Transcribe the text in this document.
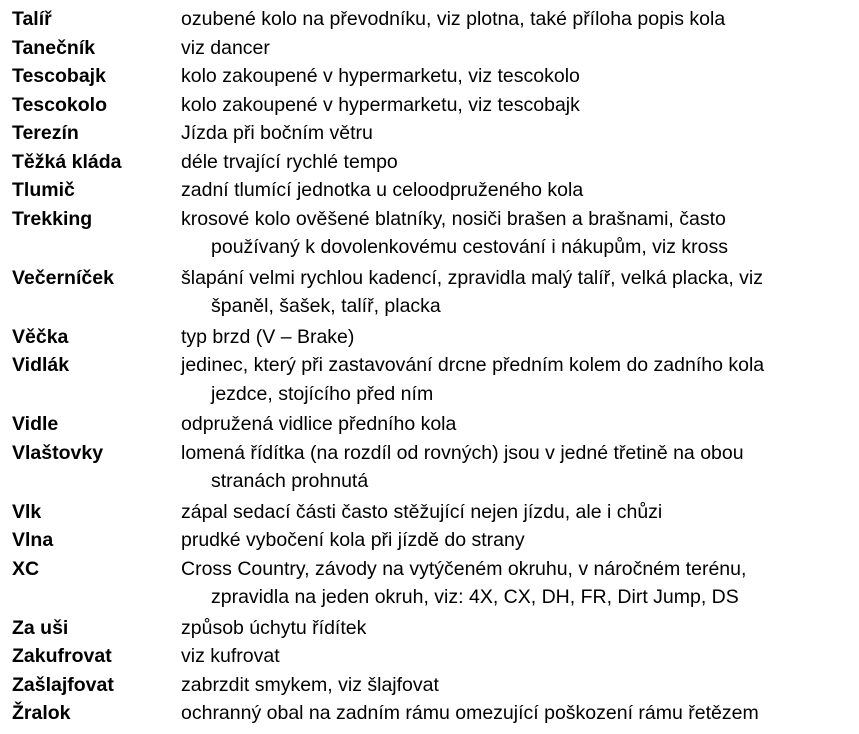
Talíř	ozubené kolo na převodníku, viz plotna, také příloha popis kola
Tanečník	viz dancer
Tescobajk	kolo zakoupené v hypermarketu, viz tescokolo
Tescokolo	kolo zakoupené v hypermarketu, viz tescobajk
Terezín	Jízda při bočním větru
Těžká kláda	déle trvající rychlé tempo
Tlumič	zadní tlumící jednotka u celoodpruženého kola
Trekking	krosové kolo ověšené blatníky, nosiči brašen a brašnami, často
používaný k dovolenkovému cestování i nákupům, viz kross
Večerníček	šlapání velmi rychlou kadencí, zpravidla malý talíř, velká placka, viz
španěl, šašek, talíř, placka
Věčka	typ brzd (V – Brake)
Vidlák	jedinec, který při zastavování drcne předním kolem do zadního kola
jezdce, stojícího před ním
Vidle	odpružená vidlice předního kola
Vlaštovky	lomená řídítka (na rozdíl od rovných) jsou v jedné třetině na obou
stranách prohnutá
Vlk	zápal sedací části často stěžující nejen jízdu, ale i chůzi
Vlna	prudké vybočení kola při jízdě do strany
XC	Cross Country, závody na vytýčeném okruhu, v náročném terénu,
zpravidla na jeden okruh, viz: 4X, CX, DH, FR, Dirt Jump, DS
Za uši	způsob úchytu řídítek
Zakufrovat	viz kufrovat
Zašlajfovat	zabrzdit smykem, viz šlajfovat
Žralok	ochranný obal na zadním rámu omezující poškození rámu řetězem
